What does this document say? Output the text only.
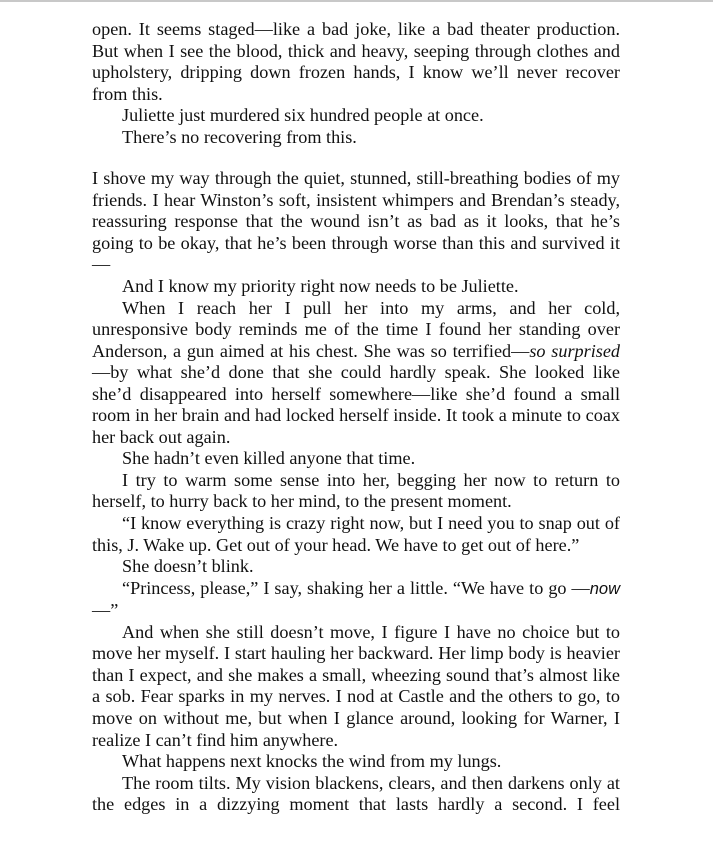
open. It seems staged—like a bad joke, like a bad theater production. But when I see the blood, thick and heavy, seeping through clothes and upholstery, dripping down frozen hands, I know we’ll never recover from this.

Juliette just murdered six hundred people at once.

There’s no recovering from this.

I shove my way through the quiet, stunned, still-breathing bodies of my friends. I hear Winston’s soft, insistent whimpers and Brendan’s steady, reassuring response that the wound isn’t as bad as it looks, that he’s going to be okay, that he’s been through worse than this and survived it—

And I know my priority right now needs to be Juliette.

When I reach her I pull her into my arms, and her cold, unresponsive body reminds me of the time I found her standing over Anderson, a gun aimed at his chest. She was so terrified—so surprised—by what she’d done that she could hardly speak. She looked like she’d disappeared into herself somewhere—like she’d found a small room in her brain and had locked herself inside. It took a minute to coax her back out again.

She hadn’t even killed anyone that time.

I try to warm some sense into her, begging her now to return to herself, to hurry back to her mind, to the present moment.

“I know everything is crazy right now, but I need you to snap out of this, J. Wake up. Get out of your head. We have to get out of here.”

She doesn’t blink.

“Princess, please,” I say, shaking her a little. “We have to go —now—”

And when she still doesn’t move, I figure I have no choice but to move her myself. I start hauling her backward. Her limp body is heavier than I expect, and she makes a small, wheezing sound that’s almost like a sob. Fear sparks in my nerves. I nod at Castle and the others to go, to move on without me, but when I glance around, looking for Warner, I realize I can’t find him anywhere.

What happens next knocks the wind from my lungs.

The room tilts. My vision blackens, clears, and then darkens only at the edges in a dizzying moment that lasts hardly a second. I feel
